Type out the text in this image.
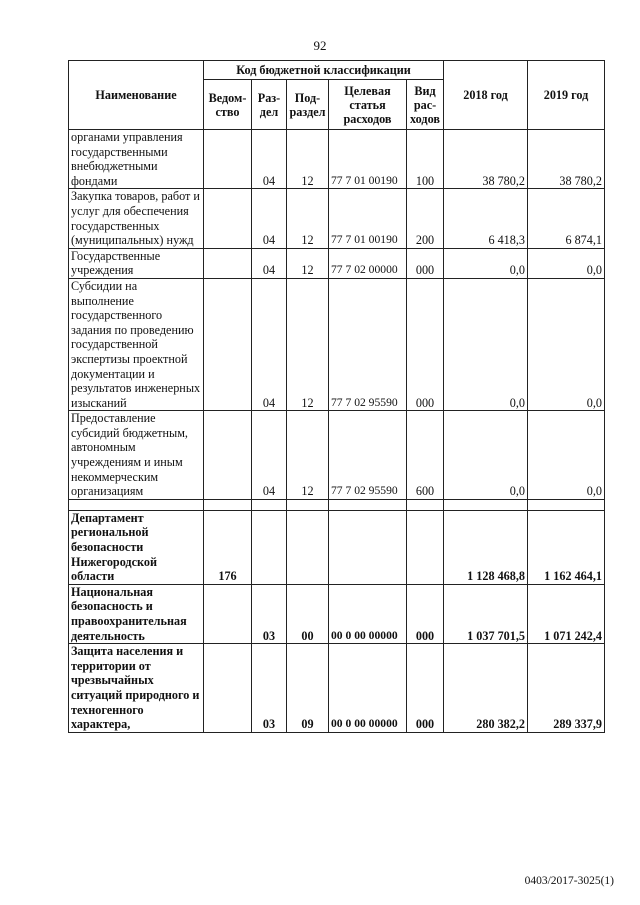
92
Наименование	Код бюджетной классификации					2018 год	2019 год
	Ведом-ство	Раз-дел	Под-раздел	Целевая статья расходов	Вид рас-ходов		
органами управления государственными внебюджетными фондами		04	12	77 7 01 00190	100	38 780,2	38 780,2
Закупка товаров, работ и услуг для обеспечения государственных (муниципальных) нужд		04	12	77 7 01 00190	200	6 418,3	6 874,1
Государственные учреждения		04	12	77 7 02 00000	000	0,0	0,0
Субсидии на выполнение государственного задания по проведению государственной экспертизы проектной документации и результатов инженерных изысканий		04	12	77 7 02 95590	000	0,0	0,0
Предоставление субсидий бюджетным, автономным учреждениям и иным некоммерческим организациям		04	12	77 7 02 95590	600	0,0	0,0

Департамент региональной безопасности Нижегородской области	176					1 128 468,8	1 162 464,1
Национальная безопасность и правоохранительная деятельность		03	00	00 0 00 00000	000	1 037 701,5	1 071 242,4
Защита населения и территории от чрезвычайных ситуаций природного и техногенного характера,		03	09	00 0 00 00000	000	280 382,2	289 337,9
0403/2017-3025(1)
